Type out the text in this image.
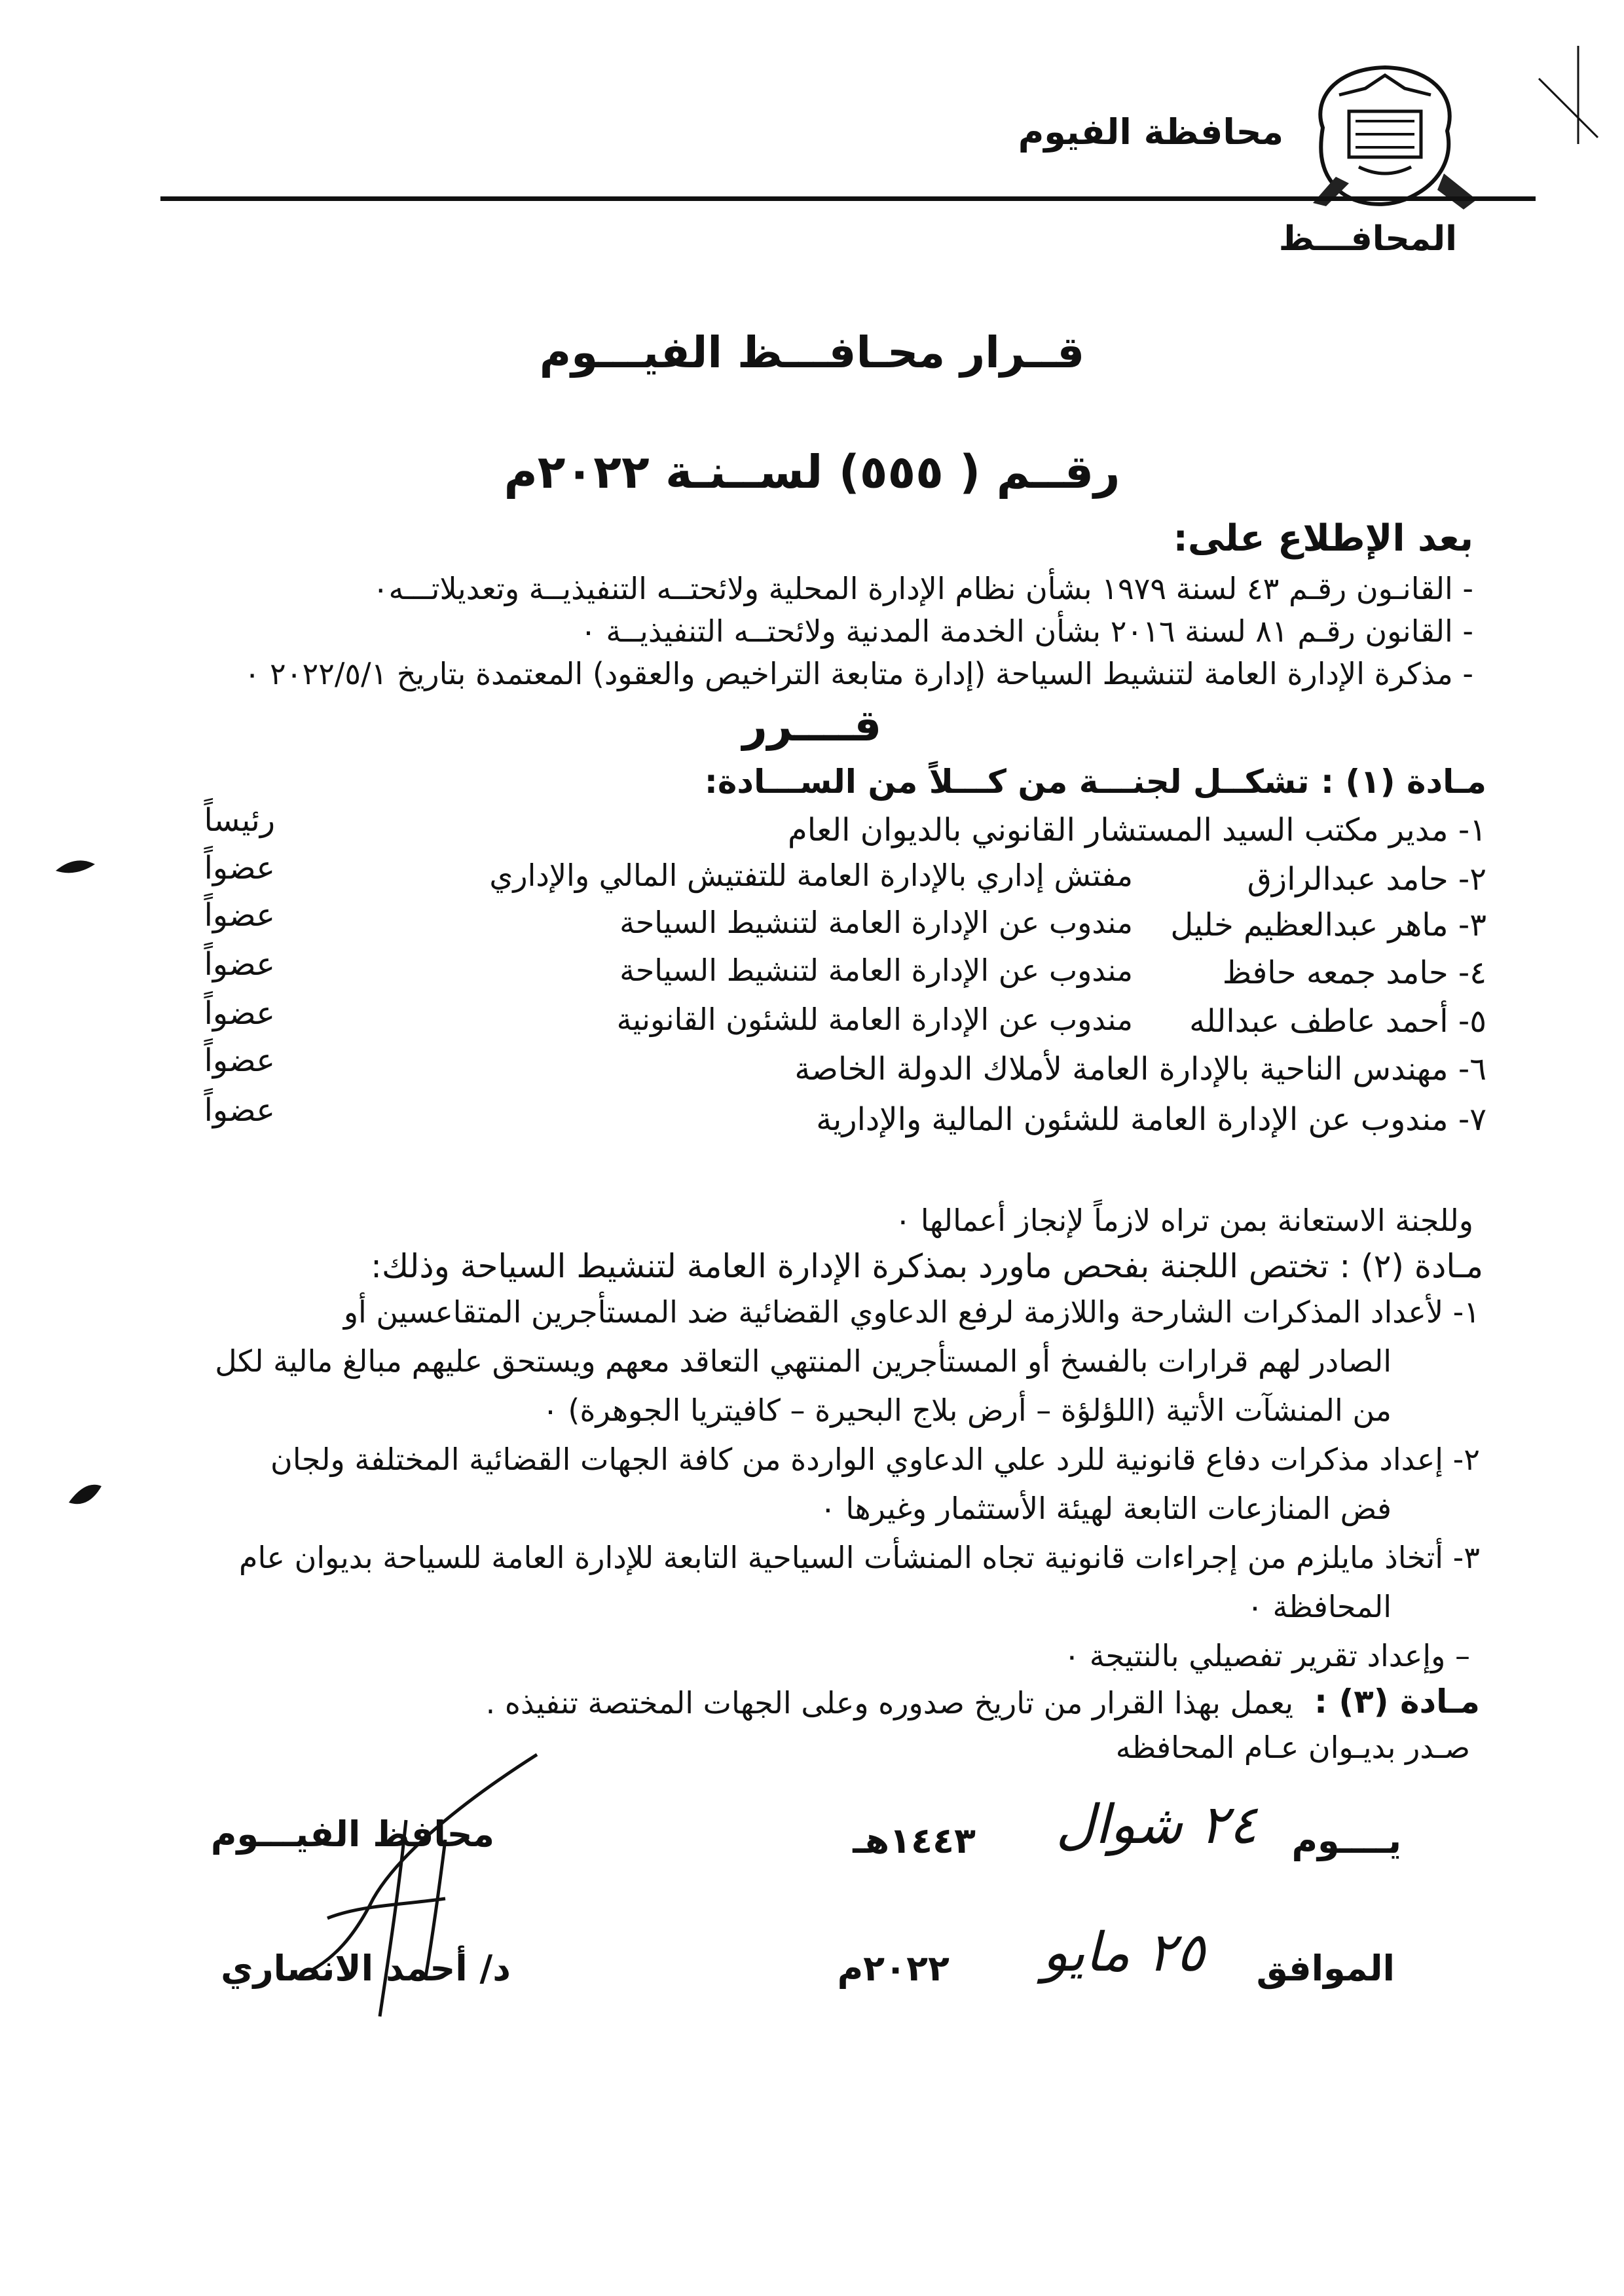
محافظة الفيوم
المحافـــظ
قــرار محـافـــظ الفيـــوم
رقــم ( ٥٥٥) لســنـة ٢٠٢٢م
بعد الإطلاع على:
- القانـون رقـم ٤٣ لسنة ١٩٧٩ بشأن نظام الإدارة المحلية ولائحتــه التنفيذيــة وتعديلاتـــه٠
- القانون رقـم ٨١ لسنة ٢٠١٦ بشأن الخدمة المدنية ولائحتــه التنفيذيــة ٠
- مذكرة الإدارة العامة لتنشيط السياحة (إدارة متابعة التراخيص والعقود) المعتمدة بتاريخ ٢٠٢٢/٥/١ ٠
قــــرر
مـادة (١) : تشكــل لجنـــة من كـــلاً من الســـادة:
١- مدير مكتب السيد المستشار القانوني بالديوان العام
رئيساً
٢- حامد عبدالرازق
مفتش إداري بالإدارة العامة للتفتيش المالي والإداري
عضواً
٣- ماهر عبدالعظيم خليل
مندوب عن الإدارة العامة لتنشيط السياحة
عضواً
٤- حامد جمعه حافظ
مندوب عن الإدارة العامة لتنشيط السياحة
عضواً
٥- أحمد عاطف عبدالله
مندوب عن الإدارة العامة للشئون القانونية
عضواً
٦- مهندس الناحية بالإدارة العامة لأملاك الدولة الخاصة
عضواً
٧- مندوب عن الإدارة العامة للشئون المالية والإدارية
عضواً
وللجنة الاستعانة بمن تراه لازماً لإنجاز أعمالها ٠
مـادة (٢) : تختص اللجنة بفحص ماورد بمذكرة الإدارة العامة لتنشيط السياحة وذلك:
١- لأعداد المذكرات الشارحة واللازمة لرفع الدعاوي القضائية ضد المستأجرين المتقاعسين أو
الصادر لهم قرارات بالفسخ أو المستأجرين المنتهي التعاقد معهم ويستحق عليهم مبالغ مالية لكل
من المنشآت الأتية (اللؤلؤة – أرض بلاج البحيرة – كافيتريا الجوهرة) ٠
٢- إعداد مذكرات دفاع قانونية للرد علي الدعاوي الواردة من كافة الجهات القضائية المختلفة ولجان
فض المنازعات التابعة لهيئة الأستثمار وغيرها ٠
٣- أتخاذ مايلزم من إجراءات قانونية تجاه المنشأت السياحية التابعة للإدارة العامة للسياحة بديوان عام
المحافظة ٠
– وإعداد تقرير تفصيلي بالنتيجة ٠
مـادة (٣) :
يعمل بهذا القرار من تاريخ صدوره وعلى الجهات المختصة تنفيذه .
صـدر بديـوان عـام المحافظه
يــــوم
٢٤ شوال
١٤٤٣هـ
الموافق
٢٥ مايو
٢٠٢٢م
محافظ الفيـــوم
د/ أحمد الانصاري
